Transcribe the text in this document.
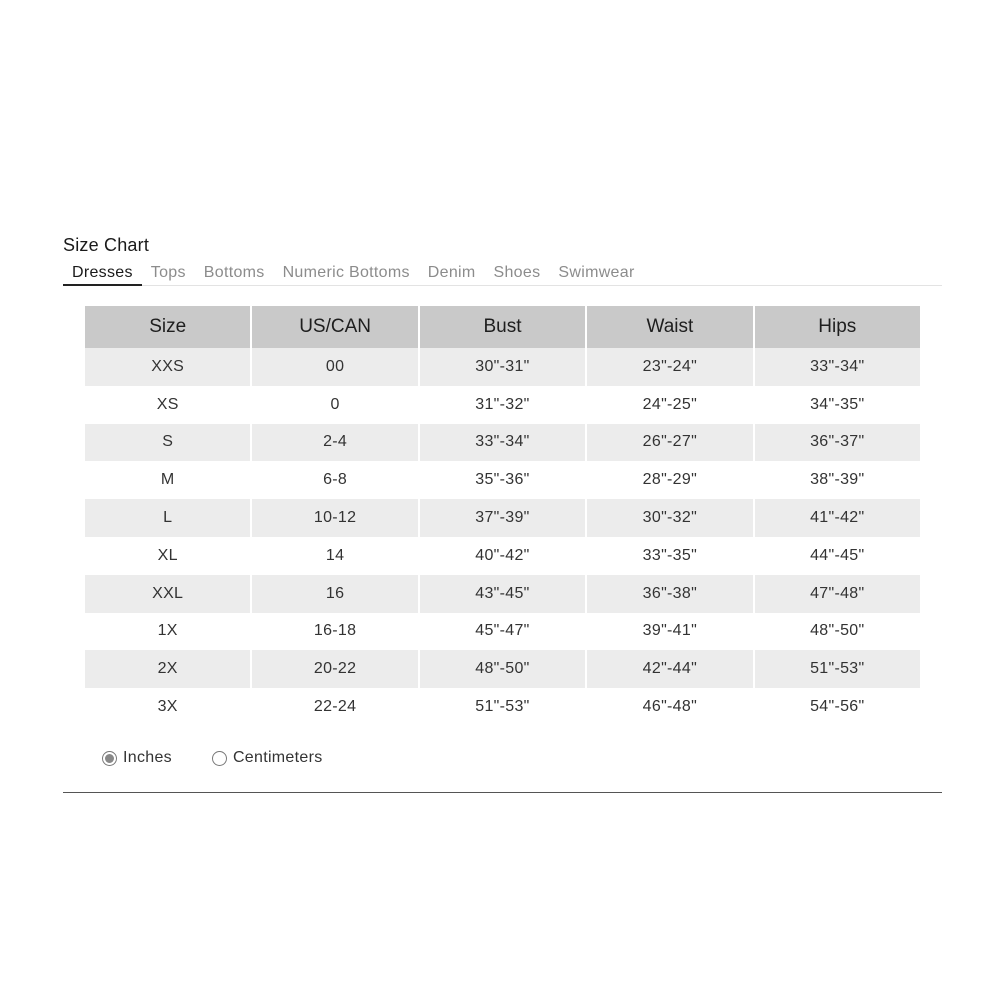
Size Chart
Dresses	Tops	Bottoms	Numeric Bottoms	Denim	Shoes	Swimwear
Size	US/CAN	Bust	Waist	Hips
XXS	00	30"-31"	23"-24"	33"-34"
XS	0	31"-32"	24"-25"	34"-35"
S	2-4	33"-34"	26"-27"	36"-37"
M	6-8	35"-36"	28"-29"	38"-39"
L	10-12	37"-39"	30"-32"	41"-42"
XL	14	40"-42"	33"-35"	44"-45"
XXL	16	43"-45"	36"-38"	47"-48"
1X	16-18	45"-47"	39"-41"	48"-50"
2X	20-22	48"-50"	42"-44"	51"-53"
3X	22-24	51"-53"	46"-48"	54"-56"
Inches	Centimeters
